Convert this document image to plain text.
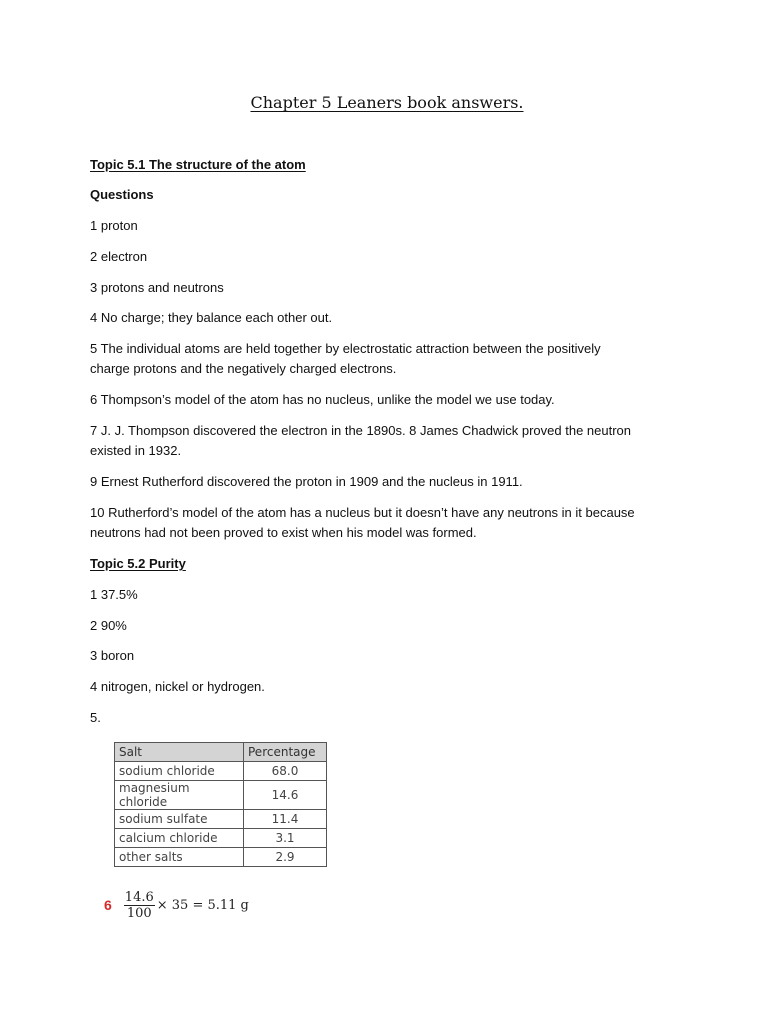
Chapter 5 Leaners book answers.
Topic 5.1 The structure of the atom
Questions
1 proton
2 electron
3 protons and neutrons
4 No charge; they balance each other out.
5 The individual atoms are held together by electrostatic attraction between the positively
charge protons and the negatively charged electrons.
6 Thompson’s model of the atom has no nucleus, unlike the model we use today.
7 J. J. Thompson discovered the electron in the 1890s. 8 James Chadwick proved the neutron
existed in 1932.
9 Ernest Rutherford discovered the proton in 1909 and the nucleus in 1911.
10 Rutherford’s model of the atom has a nucleus but it doesn’t have any neutrons in it because
neutrons had not been proved to exist when his model was formed.
Topic 5.2 Purity
1 37.5%
2 90%
3 boron
4 nitrogen, nickel or hydrogen.
5.
Salt	Percentage
sodium chloride	68.0
magnesium chloride	14.6
sodium sulfate	11.4
calcium chloride	3.1
other salts	2.9
$6 \frac{14.6}{100} \times 35 = 5.11$ g
